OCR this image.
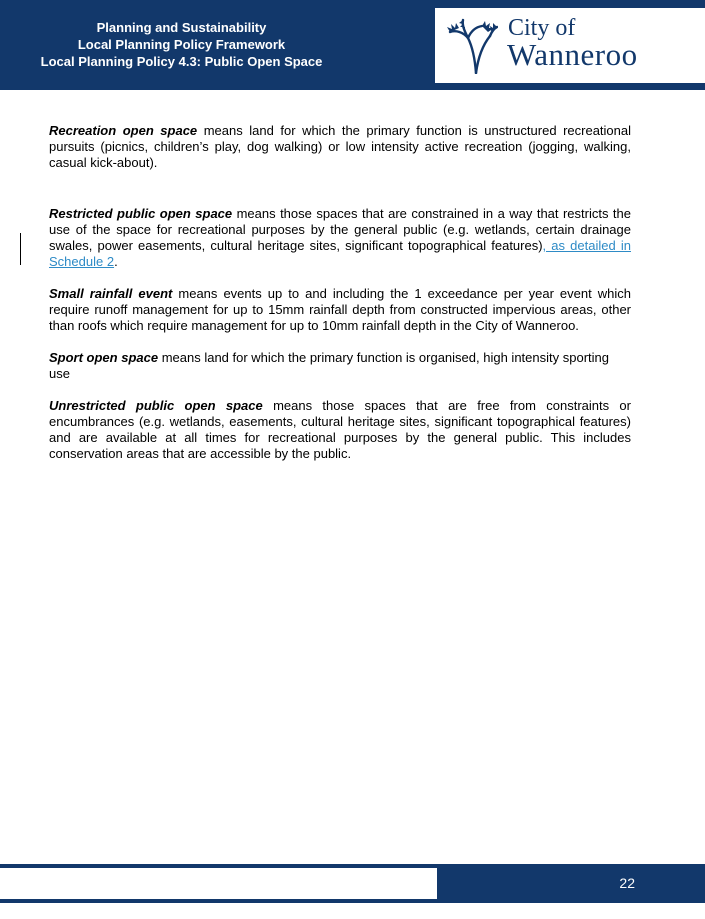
Planning and Sustainability
Local Planning Policy Framework
Local Planning Policy 4.3: Public Open Space
City of
Wanneroo

Recreation open space means land for which the primary function is unstructured recreational pursuits (picnics, children’s play, dog walking) or low intensity active recreation (jogging, walking, casual kick-about).

Restricted public open space means those spaces that are constrained in a way that restricts the use of the space for recreational purposes by the general public (e.g. wetlands, certain drainage swales, power easements, cultural heritage sites, significant topographical features), as detailed in Schedule 2.

Small rainfall event means events up to and including the 1 exceedance per year event which require runoff management for up to 15mm rainfall depth from constructed impervious areas, other than roofs which require management for up to 10mm rainfall depth in the City of Wanneroo.

Sport open space means land for which the primary function is organised, high intensity sporting use

Unrestricted public open space means those spaces that are free from constraints or encumbrances (e.g. wetlands, easements, cultural heritage sites, significant topographical features) and are available at all times for recreational purposes by the general public. This includes conservation areas that are accessible by the public.

22
